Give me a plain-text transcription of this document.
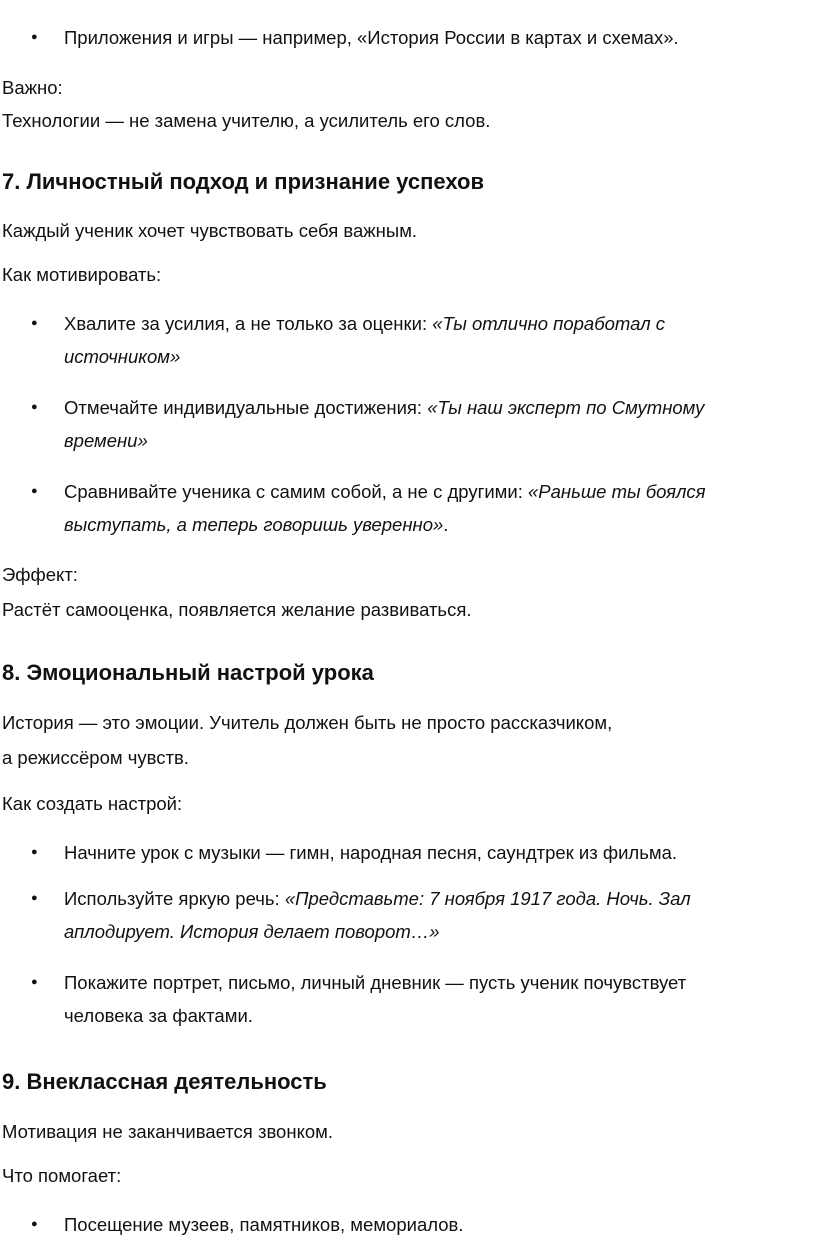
● Приложения и игры — например, «История России в картах и схемах».

Важно:

Технологии — не замена учителю, а усилитель его слов.

7. Личностный подход и признание успехов

Каждый ученик хочет чувствовать себя важным.

Как мотивировать:

● Хвалите за усилия, а не только за оценки: «Ты отлично поработал с
источником»
● Отмечайте индивидуальные достижения: «Ты наш эксперт по Смутному
времени»
● Сравнивайте ученика с самим собой, а не с другими: «Раньше ты боялся
выступать, а теперь говоришь уверенно».

Эффект:

Растёт самооценка, появляется желание развиваться.

8. Эмоциональный настрой урока

История — это эмоции. Учитель должен быть не просто рассказчиком,

а режиссёром чувств.

Как создать настрой:

● Начните урок с музыки — гимн, народная песня, саундтрек из фильма.
● Используйте яркую речь: «Представьте: 7 ноября 1917 года. Ночь. Зал
аплодирует. История делает поворот…»
● Покажите портрет, письмо, личный дневник — пусть ученик почувствует
человека за фактами.
9. Внеклассная деятельность

Мотивация не заканчивается звонком.

Что помогает:

● Посещение музеев, памятников, мемориалов.
